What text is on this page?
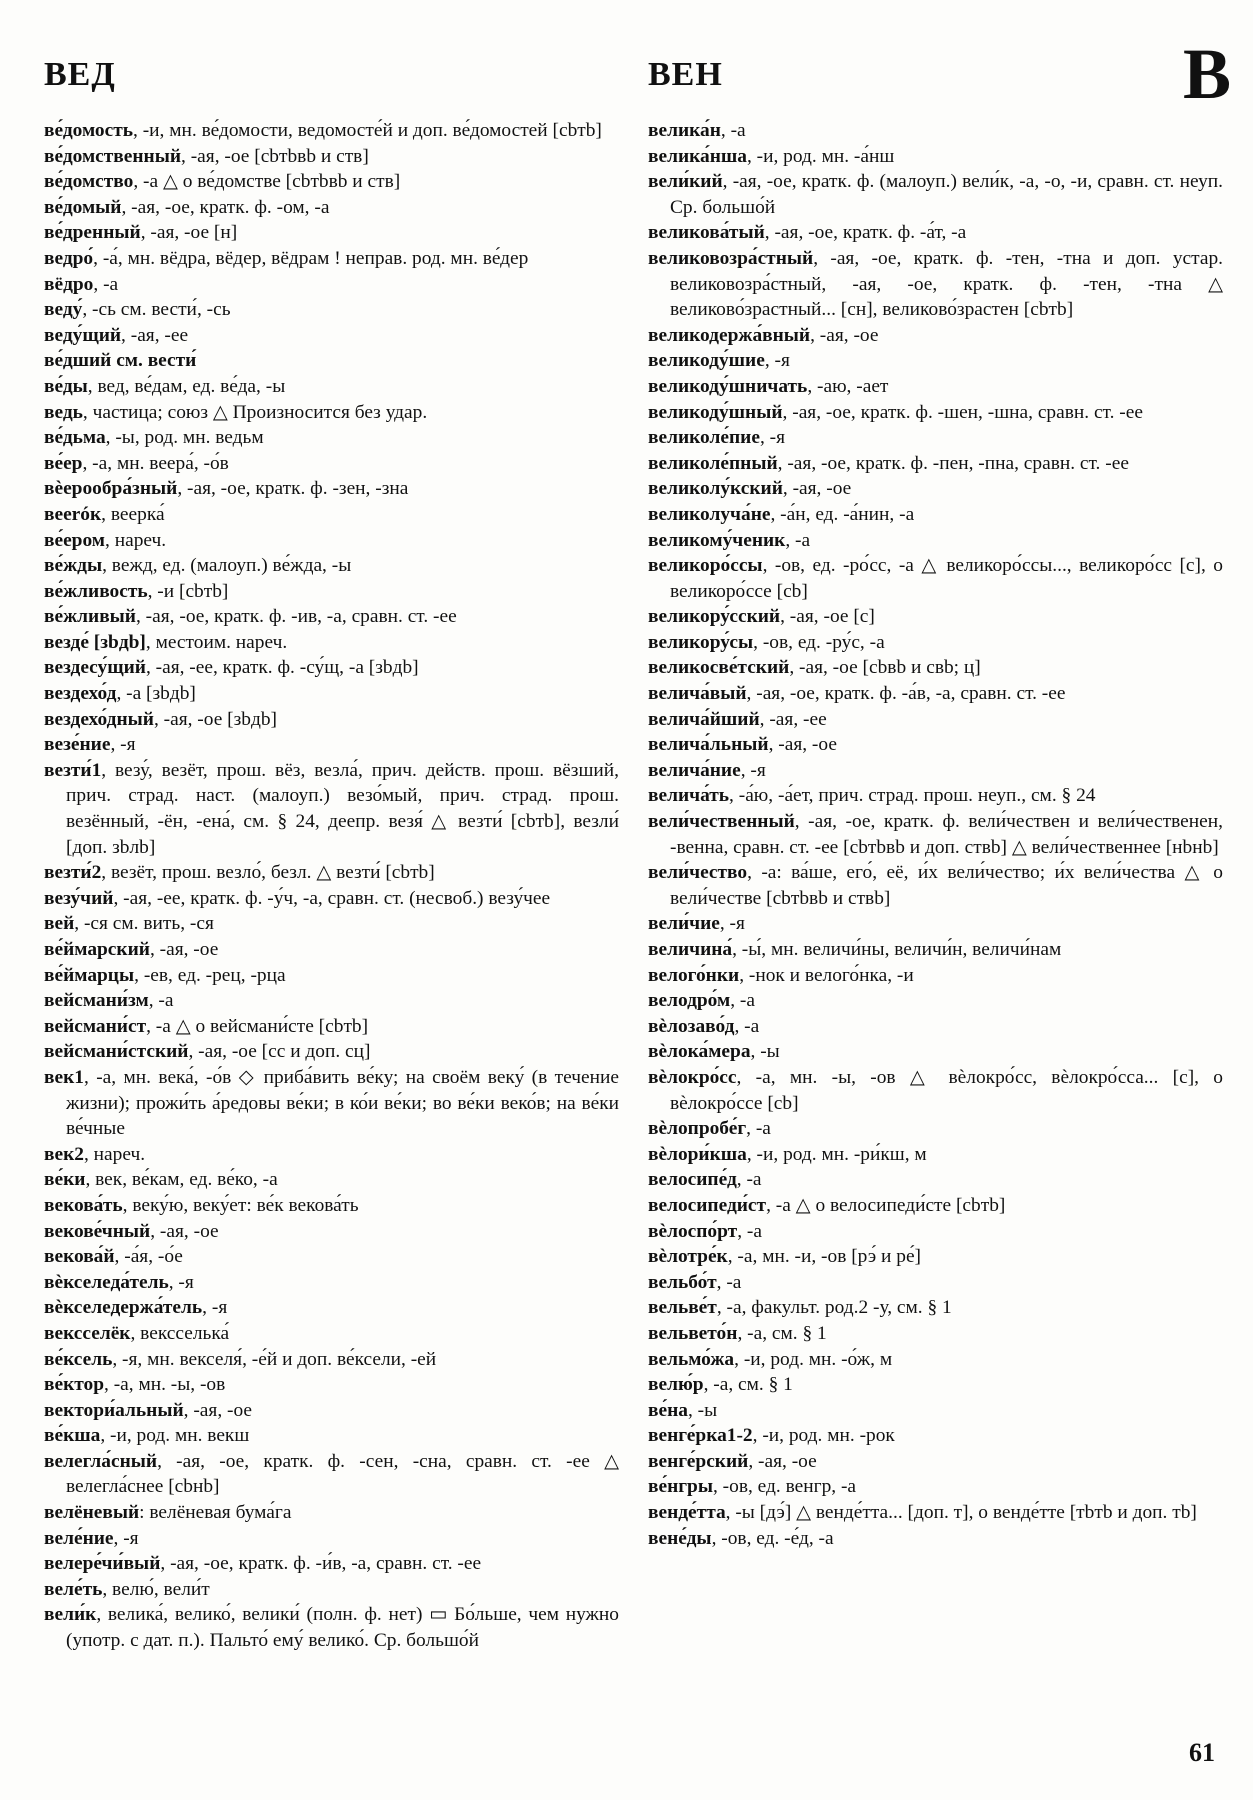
ВЕД	ВЕН	В

ве́домость, -и, мн. ве́домости, ведомосте́й и доп. ве́домостей [сbтb]

ве́домственный, -ая, -ое [сbтbвb и ств]

ве́домство, -а △ о ве́домстве [сbтbвb и ств]

ве́домый, -ая, -ое, кратк. ф. -ом, -а

ве́дренный, -ая, -ое [н]

ведро́, -а́, мн. вёдра, вёдер, вёдрам ! неправ. род. мн. ве́дер

вёдро, -а

веду́, -сь см. вести́, -сь

веду́щий, -ая, -ее

ве́дший см. вести́

ве́ды, вед, ве́дам, ед. ве́да, -ы

ведь, частица; союз △ Произносится без удар.

ве́дьма, -ы, род. мн. ведьм

ве́ер, -а, мн. веера́, -о́в

вѐерообра́зный, -ая, -ое, кратк. ф. -зен, -зна

веeróк, веерка́

ве́ером, нареч.

ве́жды, вежд, ед. (малоуп.) ве́жда, -ы

ве́жливость, -и [сbтb]

ве́жливый, -ая, -ое, кратк. ф. -ив, -а, сравн. ст. -ее

везде́ [зbдb], местоим. нареч.

вездесу́щий, -ая, -ее, кратк. ф. -су́щ, -а [зbдb]

вездехо́д, -а [зbдb]

вездехо́дный, -ая, -ое [зbдb]

везе́ние, -я

везти́1, везу́, везёт, прош. вёз, везла́, прич. действ. прош. вёзший, прич. страд. наст. (малоуп.) везо́мый, прич. страд. прош. везённый, -ён, -ена́, см. § 24, деепр. везя́ △ везти́ [сbтb], везли́ [доп. зbлb]

везти́2, везёт, прош. везло́, безл. △ везти́ [сbтb]

везу́чий, -ая, -ее, кратк. ф. -у́ч, -а, сравн. ст. (несвоб.) везу́чее

вей, -ся см. вить, -ся

ве́ймарский, -ая, -ое

ве́ймарцы, -ев, ед. -рец, -рца

вейсмани́зм, -а

вейсмани́ст, -а △ о вейсмани́сте [сbтb]

вейсмани́стский, -ая, -ое [сс и доп. сц]

век1, -а, мн. века́, -о́в ◇ приба́вить ве́ку; на своём веку́ (в течение жизни); прожи́ть а́редовы ве́ки; в ко́и ве́ки; во ве́ки веко́в; на ве́ки ве́чные

век2, нареч.

ве́ки, век, ве́кам, ед. ве́ко, -а

векова́ть, веку́ю, веку́ет: ве́к векова́ть

векове́чный, -ая, -ое

векова́й, -а́я, -о́е

вѐкселеда́тель, -я

вѐкселедержа́тель, -я

вексселёк, вексселька́

ве́ксель, -я, мн. векселя́, -е́й и доп. ве́ксели, -ей

ве́ктор, -а, мн. -ы, -ов

вектори́альный, -ая, -ое

ве́кша, -и, род. мн. векш

велегла́сный, -ая, -ое, кратк. ф. -сен, -сна, сравн. ст. -ее △ велегла́снее [сbнb]

велёневый: велёневая бума́га

веле́ние, -я

велере́чи́вый, -ая, -ое, кратк. ф. -и́в, -а, сравн. ст. -ее

веле́ть, велю́, вели́т

вели́к, велика́, велико́, велики́ (полн. ф. нет) ▭ Бо́льше, чем нужно (употр. с дат. п.). Пальто́ ему́ велико́. Ср. большо́й

велика́н, -а

велика́нша, -и, род. мн. -а́нш

вели́кий, -ая, -ое, кратк. ф. (малоуп.) вели́к, -а, -о, -и, сравн. ст. неуп. Ср. большо́й

великова́тый, -ая, -ое, кратк. ф. -а́т, -а

великовозра́стный, -ая, -ое, кратк. ф. -тен, -тна и доп. устар. великовозра́стный, -ая, -ое, кратк. ф. -тен, -тна △ великово́зрастный... [сн], великово́зрастен [сbтb]

великодержа́вный, -ая, -ое

великоду́шие, -я

великоду́шничать, -аю, -ает

великоду́шный, -ая, -ое, кратк. ф. -шен, -шна, сравн. ст. -ее

великоле́пие, -я

великоле́пный, -ая, -ое, кратк. ф. -пен, -пна, сравн. ст. -ее

великолу́кский, -ая, -ое

великолуча́не, -а́н, ед. -а́нин, -а

великому́ченик, -а

великоро́ссы, -ов, ед. -ро́сс, -а △ великоро́ссы..., великоро́сс [с], о великоро́ссе [сb]

великору́сский, -ая, -ое [с]

великору́сы, -ов, ед. -ру́с, -а

великосве́тский, -ая, -ое [сbвb и свb; ц]

велича́вый, -ая, -ое, кратк. ф. -а́в, -а, сравн. ст. -ее

велича́йший, -ая, -ее

велича́льный, -ая, -ое

велича́ние, -я

велича́ть, -а́ю, -а́ет, прич. страд. прош. неуп., см. § 24

вели́чественный, -ая, -ое, кратк. ф. вели́чествен и вели́чественен, -венна, сравн. ст. -ее [сbтbвb и доп. ствb] △ вели́чественнее [нbнb]

вели́чество, -а: ва́ше, его́, её, и́х вели́чество; и́х вели́чества △ о вели́честве [сbтbвb и ствb]

вели́чие, -я

величина́, -ы́, мн. величи́ны, величи́н, величи́нам

велого́нки, -нок и велого́нка, -и

велодро́м, -а

вѐлозаво́д, -а

вѐлока́мера, -ы

вѐлокро́сс, -а, мн. -ы, -ов △ вѐлокро́сс, вѐлокро́сса... [с], о вѐлокро́ссе [сb]

вѐлопробе́г, -а

вѐлори́кша, -и, род. мн. -ри́кш, м

велосипе́д, -а

велосипеди́ст, -а △ о велосипеди́сте [сbтb]

вѐлоспо́рт, -а

вѐлотре́к, -а, мн. -и, -ов [рэ́ и ре́]

вельбо́т, -а

вельве́т, -а, факульт. род.2 -у, см. § 1

вельвето́н, -а, см. § 1

вельмо́жа, -и, род. мн. -о́ж, м

велю́р, -а, см. § 1

ве́на, -ы

венге́рка1-2, -и, род. мн. -рок

венге́рский, -ая, -ое

ве́нгры, -ов, ед. венгр, -а

венде́тта, -ы [дэ́] △ венде́тта... [доп. т], о венде́тте [тbтb и доп. тb]

вене́ды, -ов, ед. -е́д, -а

61
